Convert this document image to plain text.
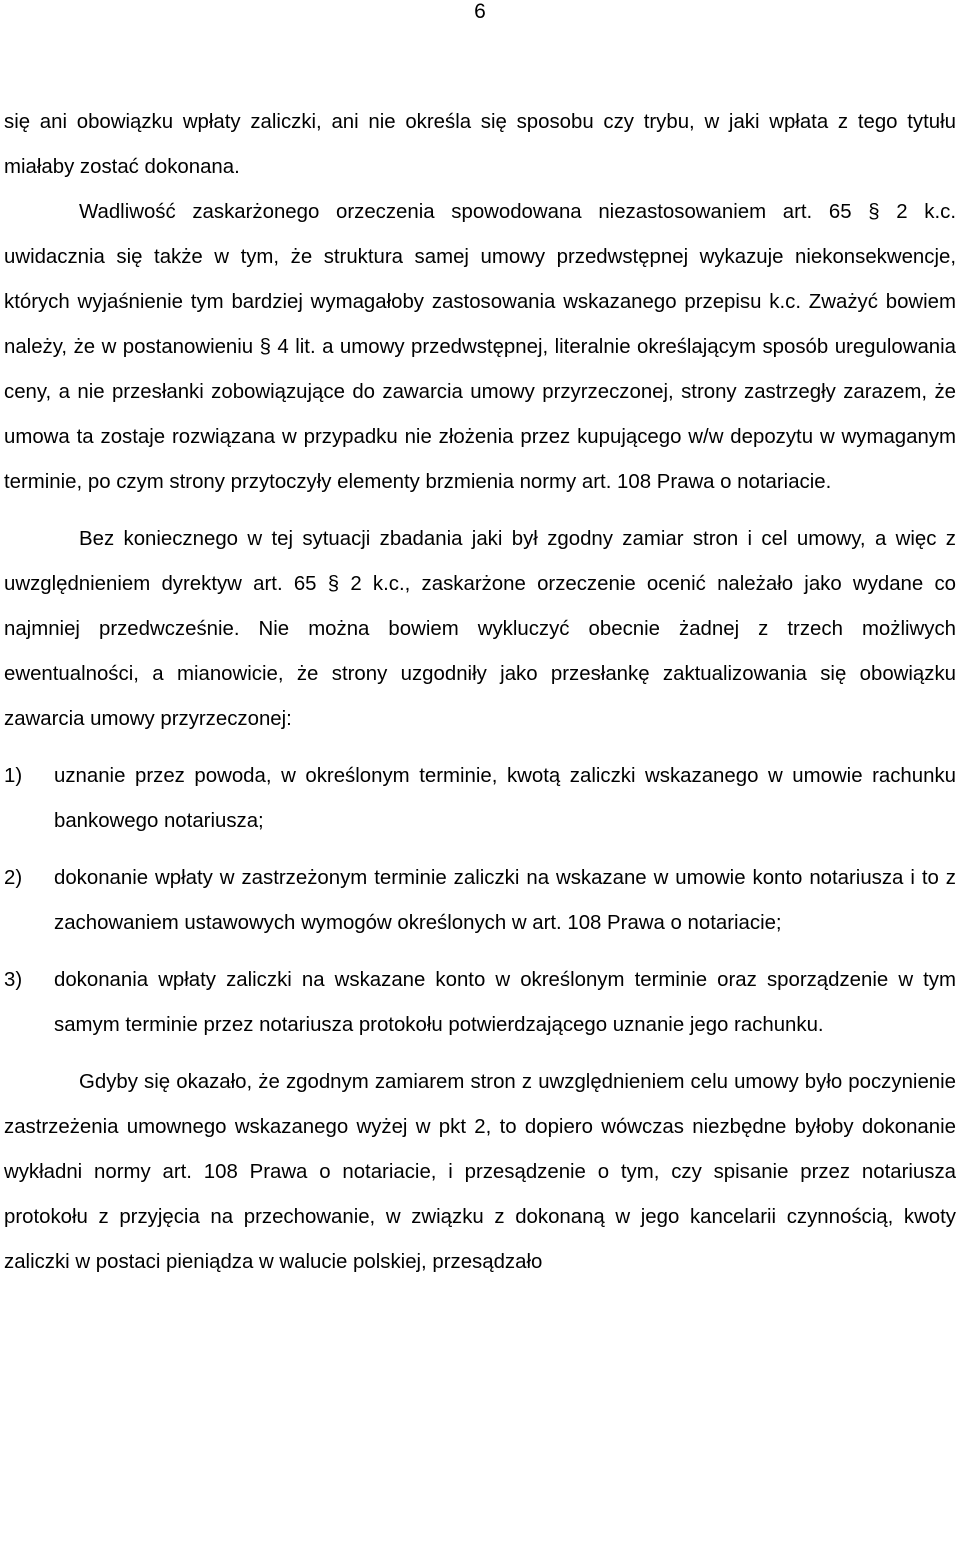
6

się ani obowiązku wpłaty zaliczki, ani nie określa się sposobu czy trybu, w jaki wpłata z tego tytułu miałaby zostać dokonana.

Wadliwość zaskarżonego orzeczenia spowodowana niezastosowaniem art. 65 § 2 k.c. uwidacznia się także w tym, że struktura samej umowy przedwstępnej wykazuje niekonsekwencje, których wyjaśnienie tym bardziej wymagałoby zastosowania wskazanego przepisu k.c. Zważyć bowiem należy, że w postanowieniu § 4 lit. a umowy przedwstępnej, literalnie określającym sposób uregulowania ceny, a nie przesłanki zobowiązujące do zawarcia umowy przyrzeczonej, strony zastrzegły zarazem, że umowa ta zostaje rozwiązana w przypadku nie złożenia przez kupującego w/w depozytu w wymaganym terminie, po czym strony przytoczyły elementy brzmienia normy art. 108 Prawa o notariacie.

Bez koniecznego w tej sytuacji zbadania jaki był zgodny zamiar stron i cel umowy, a więc z uwzględnieniem dyrektyw art. 65 § 2 k.c., zaskarżone orzeczenie ocenić należało jako wydane co najmniej przedwcześnie. Nie można bowiem wykluczyć obecnie żadnej z trzech możliwych ewentualności, a mianowicie, że strony uzgodniły jako przesłankę zaktualizowania się obowiązku zawarcia umowy przyrzeczonej:

1) uznanie przez powoda, w określonym terminie, kwotą zaliczki wskazanego w umowie rachunku bankowego notariusza;
2) dokonanie wpłaty w zastrzeżonym terminie zaliczki na wskazane w umowie konto notariusza i to z zachowaniem ustawowych wymogów określonych w art. 108 Prawa o notariacie;
3) dokonania wpłaty zaliczki na wskazane konto w określonym terminie oraz sporządzenie w tym samym terminie przez notariusza protokołu potwierdzającego uznanie jego rachunku.

Gdyby się okazało, że zgodnym zamiarem stron z uwzględnieniem celu umowy było poczynienie zastrzeżenia umownego wskazanego wyżej w pkt 2, to dopiero wówczas niezbędne byłoby dokonanie wykładni normy art. 108 Prawa o notariacie, i przesądzenie o tym, czy spisanie przez notariusza protokołu z przyjęcia na przechowanie, w związku z dokonaną w jego kancelarii czynnością, kwoty zaliczki w postaci pieniądza w walucie polskiej, przesądzało
